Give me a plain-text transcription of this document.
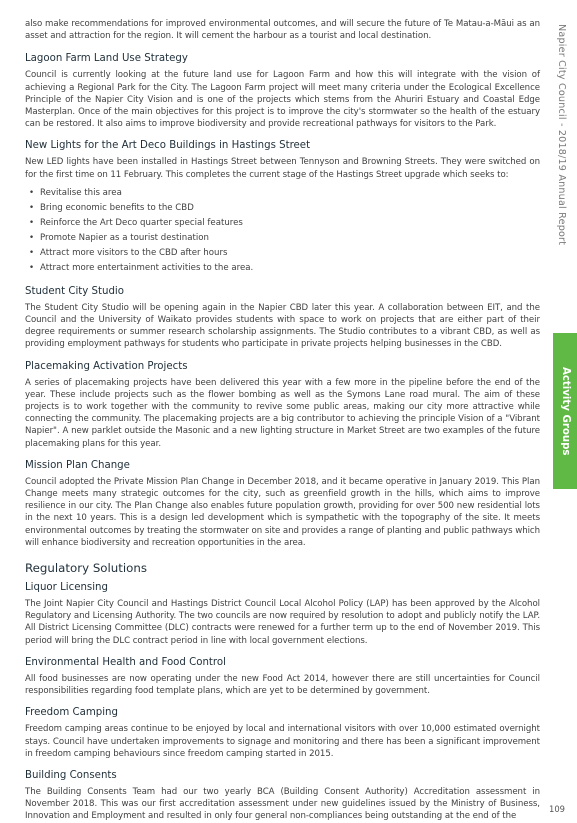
also make recommendations for improved environmental outcomes, and will secure the future of Te Matau-a-Māui as an asset and attraction for the region. It will cement the harbour as a tourist and local destination.

Lagoon Farm Land Use Strategy

Council is currently looking at the future land use for Lagoon Farm and how this will integrate with the vision of achieving a Regional Park for the City. The Lagoon Farm project will meet many criteria under the Ecological Excellence Principle of the Napier City Vision and is one of the projects which stems from the Ahuriri Estuary and Coastal Edge Masterplan. Once of the main objectives for this project is to improve the city's stormwater so the health of the estuary can be restored. It also aims to improve biodiversity and provide recreational pathways for visitors to the Park.

New Lights for the Art Deco Buildings in Hastings Street

New LED lights have been installed in Hastings Street between Tennyson and Browning Streets. They were switched on for the first time on 11 February. This completes the current stage of the Hastings Street upgrade which seeks to:

• Revitalise this area
• Bring economic benefits to the CBD
• Reinforce the Art Deco quarter special features
• Promote Napier as a tourist destination
• Attract more visitors to the CBD after hours
• Attract more entertainment activities to the area.
Student City Studio

The Student City Studio will be opening again in the Napier CBD later this year. A collaboration between EIT, and the Council and the University of Waikato provides students with space to work on projects that are either part of their degree requirements or summer research scholarship assignments. The Studio contributes to a vibrant CBD, as well as providing employment pathways for students who participate in private projects helping businesses in the CBD.

Placemaking Activation Projects

A series of placemaking projects have been delivered this year with a few more in the pipeline before the end of the year. These include projects such as the flower bombing as well as the Symons Lane road mural. The aim of these projects is to work together with the community to revive some public areas, making our city more attractive while connecting the community. The placemaking projects are a big contributor to achieving the principle Vision of a "Vibrant Napier". A new parklet outside the Masonic and a new lighting structure in Market Street are two examples of the future placemaking plans for this year.

Mission Plan Change

Council adopted the Private Mission Plan Change in December 2018, and it became operative in January 2019. This Plan Change meets many strategic outcomes for the city, such as greenfield growth in the hills, which aims to improve resilience in our city. The Plan Change also enables future population growth, providing for over 500 new residential lots in the next 10 years. This is a design led development which is sympathetic with the topography of the site. It meets environmental outcomes by treating the stormwater on site and provides a range of planting and public pathways which will enhance biodiversity and recreation opportunities in the area.

Regulatory Solutions
Liquor Licensing

The Joint Napier City Council and Hastings District Council Local Alcohol Policy (LAP) has been approved by the Alcohol Regulatory and Licensing Authority. The two councils are now required by resolution to adopt and publicly notify the LAP. All District Licensing Committee (DLC) contracts were renewed for a further term up to the end of November 2019. This period will bring the DLC contract period in line with local government elections.

Environmental Health and Food Control

All food businesses are now operating under the new Food Act 2014, however there are still uncertainties for Council responsibilities regarding food template plans, which are yet to be determined by government.

Freedom Camping

Freedom camping areas continue to be enjoyed by local and international visitors with over 10,000 estimated overnight stays. Council have undertaken improvements to signage and monitoring and there has been a significant improvement in freedom camping behaviours since freedom camping started in 2015.

Building Consents

The Building Consents Team had our two yearly BCA (Building Consent Authority) Accreditation assessment in November 2018. This was our first accreditation assessment under new guidelines issued by the Ministry of Business, Innovation and Employment and resulted in only four general non-compliances being outstanding at the end of the

Napier City Council - 2018/19 Annual Report
Activity Groups
109
